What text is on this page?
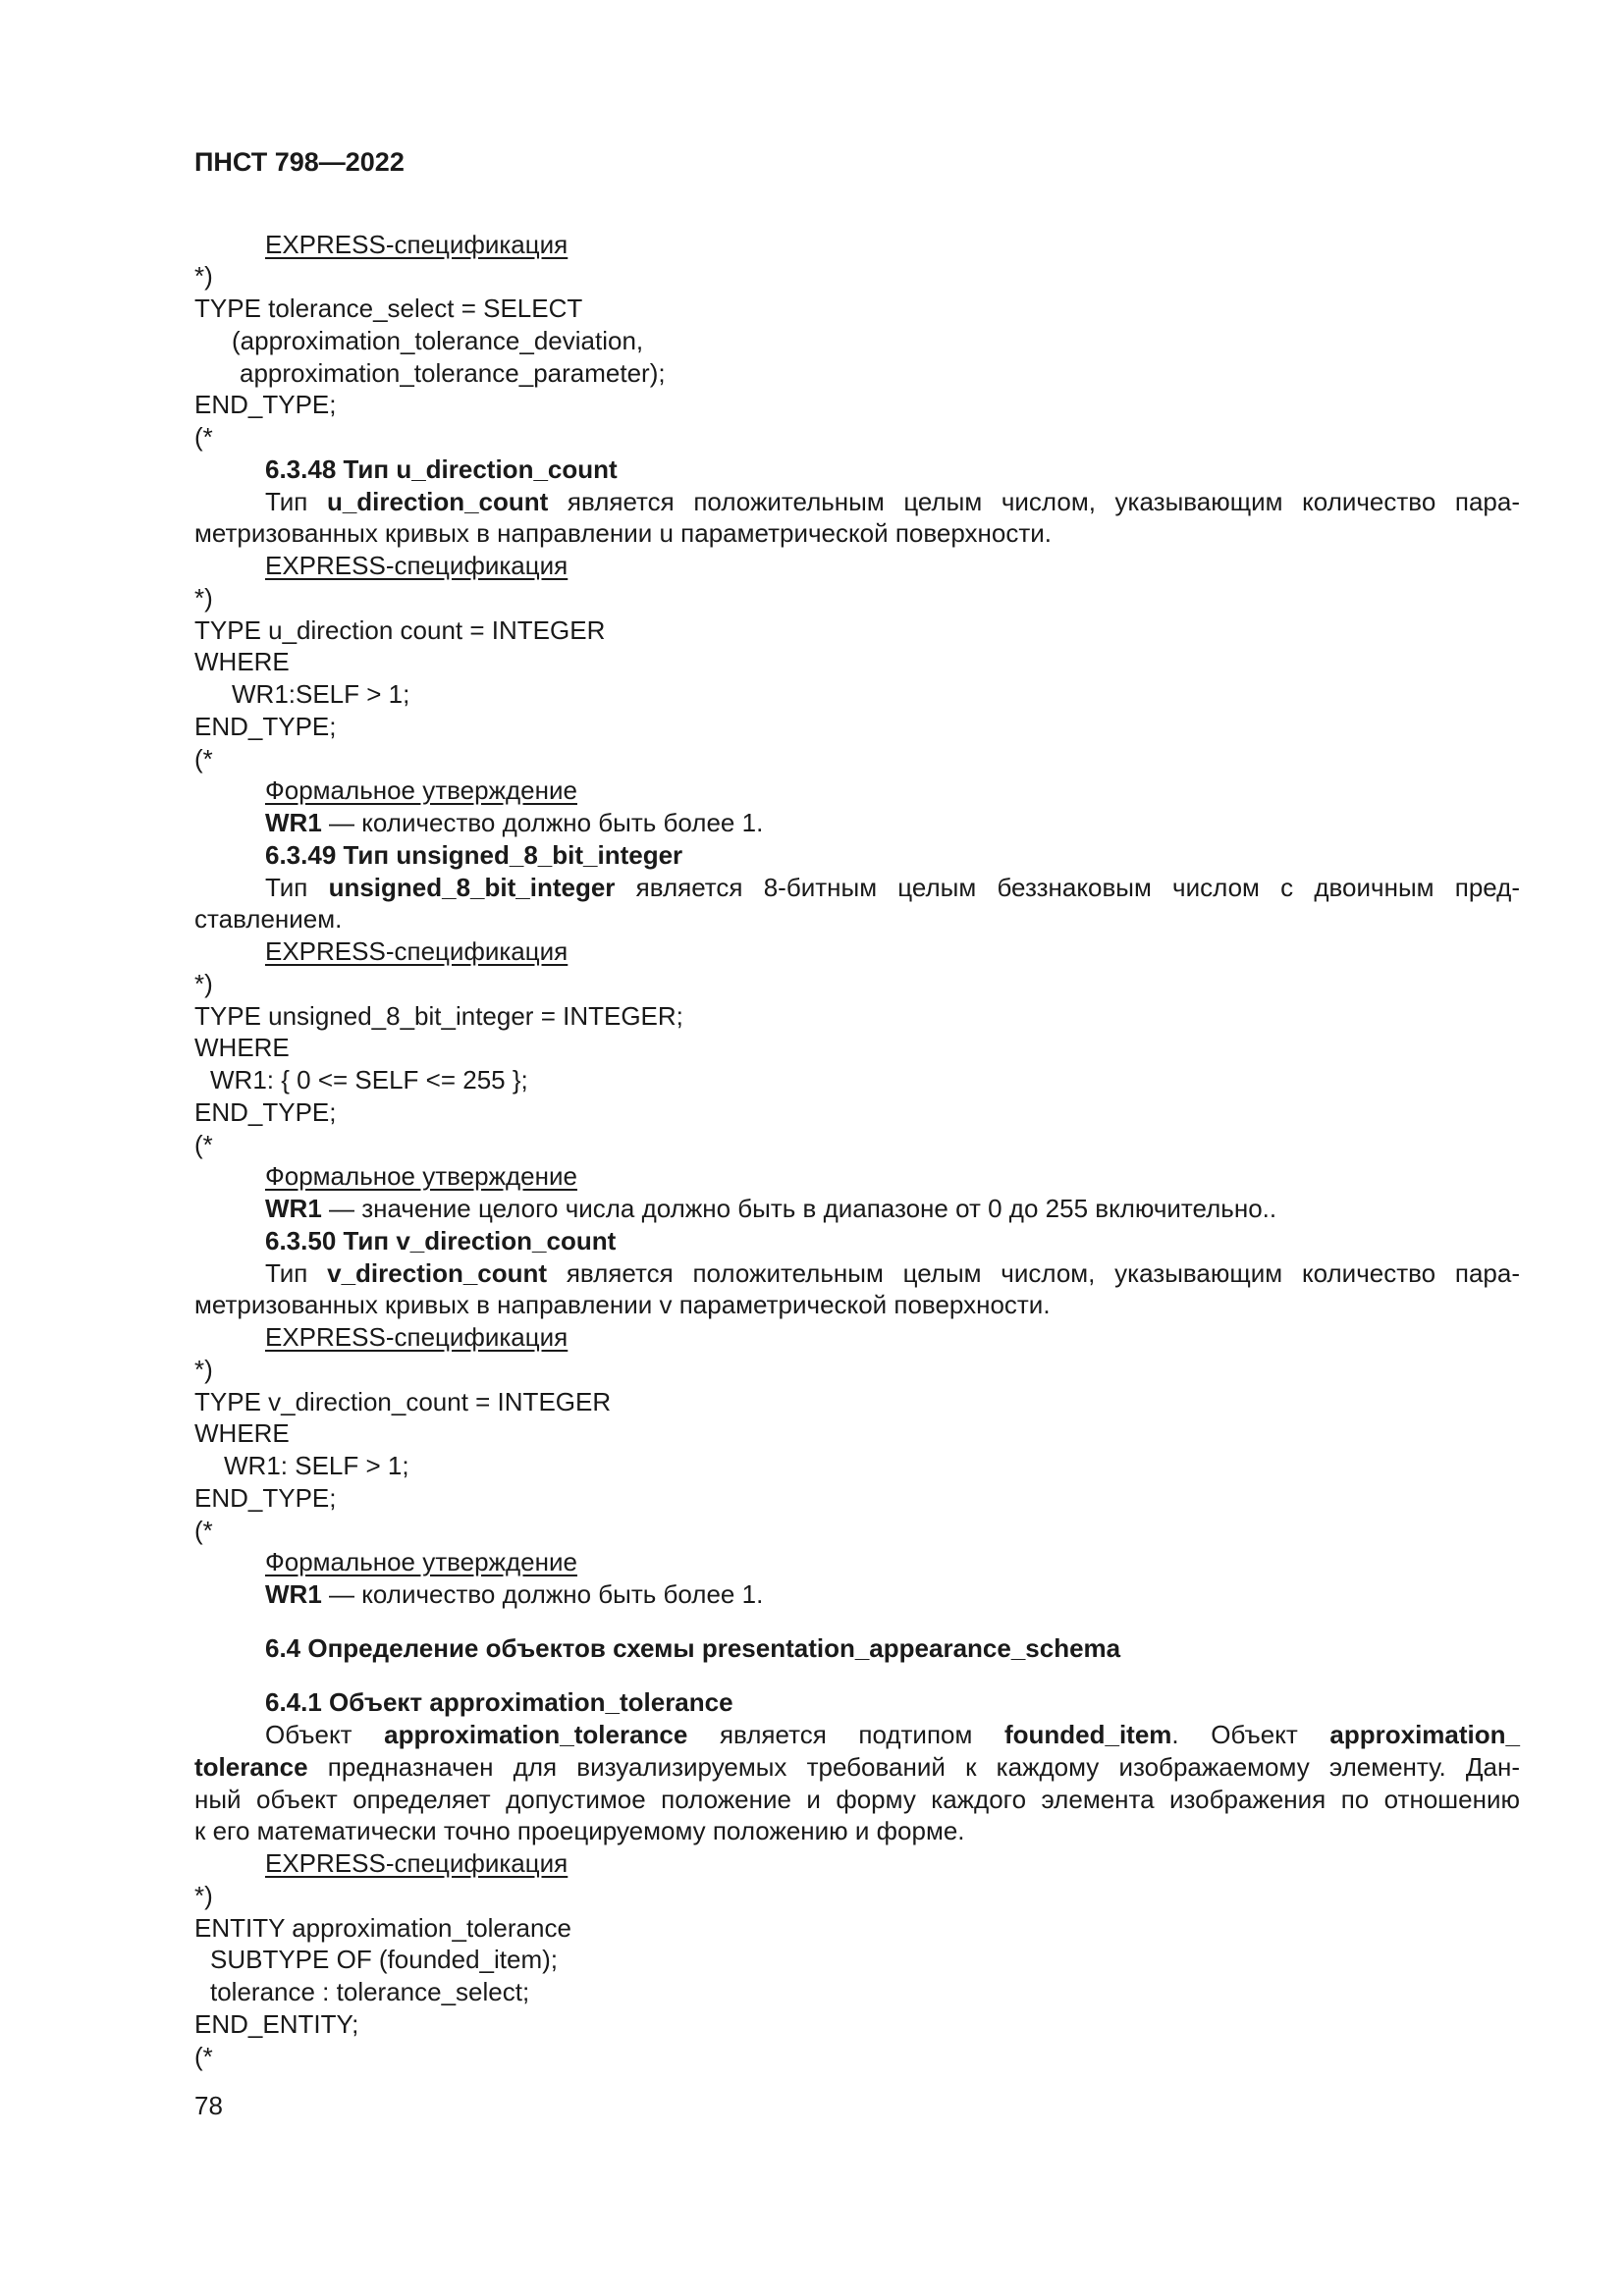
ПНСТ 798—2022
EXPRESS-спецификация
*)
TYPE tolerance_select = SELECT
(approximation_tolerance_deviation,
approximation_tolerance_parameter);
END_TYPE;
(*
6.3.48 Тип u_direction_count
Тип u_direction_count является положительным целым числом, указывающим количество пара-
метризованных кривых в направлении u параметрической поверхности.
EXPRESS-спецификация
*)
TYPE u_direction count = INTEGER
WHERE
WR1:SELF > 1;
END_TYPE;
(*
Формальное утверждение
WR1 — количество должно быть более 1.
6.3.49 Тип unsigned_8_bit_integer
Тип unsigned_8_bit_integer является 8-битным целым беззнаковым числом с двоичным пред-
ставлением.
EXPRESS-спецификация
*)
TYPE unsigned_8_bit_integer = INTEGER;
WHERE
WR1: { 0 <= SELF <= 255 };
END_TYPE;
(*
Формальное утверждение
WR1 — значение целого числа должно быть в диапазоне от 0 до 255 включительно..
6.3.50 Тип v_direction_count
Тип v_direction_count является положительным целым числом, указывающим количество пара-
метризованных кривых в направлении v параметрической поверхности.
EXPRESS-спецификация
*)
TYPE v_direction_count = INTEGER
WHERE
WR1: SELF > 1;
END_TYPE;
(*
Формальное утверждение
WR1 — количество должно быть более 1.
6.4 Определение объектов схемы presentation_appearance_schema
6.4.1 Объект approximation_tolerance
Объект approximation_tolerance является подтипом founded_item. Объект approximation_
tolerance предназначен для визуализируемых требований к каждому изображаемому элементу. Дан-
ный объект определяет допустимое положение и форму каждого элемента изображения по отношению
к его математически точно проецируемому положению и форме.
EXPRESS-спецификация
*)
ENTITY approximation_tolerance
SUBTYPE OF (founded_item);
tolerance : tolerance_select;
END_ENTITY;
(*
78
